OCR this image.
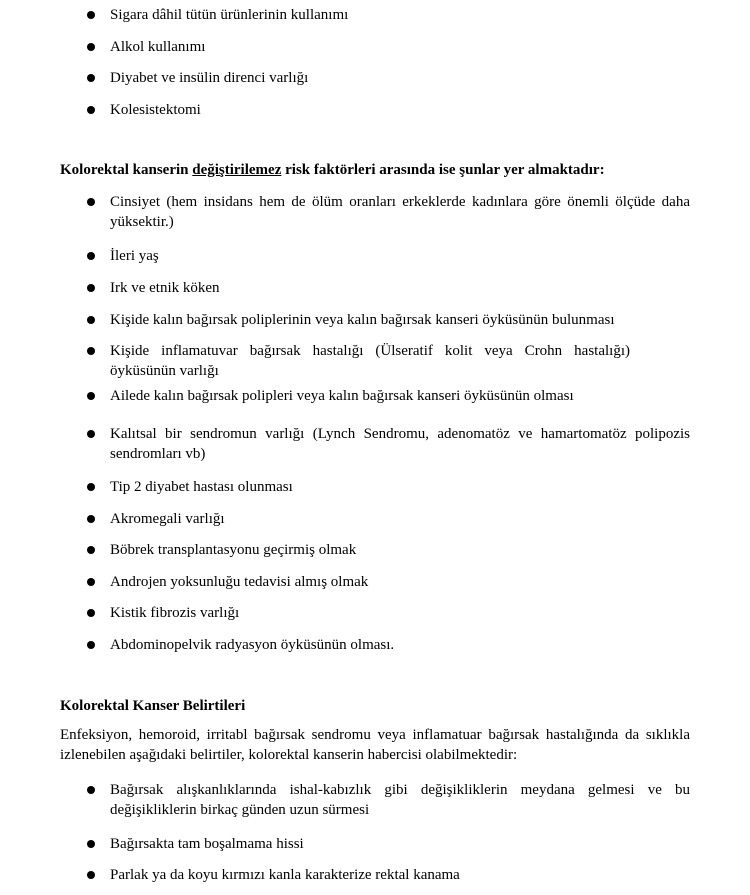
Sigara dâhil tütün ürünlerinin kullanımı
Alkol kullanımı
Diyabet ve insülin direnci varlığı
Kolesistektomi
Kolorektal kanserin değiştirilemez risk faktörleri arasında ise şunlar yer almaktadır:
Cinsiyet (hem insidans hem de ölüm oranları erkeklerde kadınlara göre önemli ölçüde daha yüksektir.)
İleri yaş
Irk ve etnik köken
Kişide kalın bağırsak poliplerinin veya kalın bağırsak kanseri öyküsünün bulunması
Kişide inflamatuvar bağırsak hastalığı (Ülseratif kolit veya Crohn hastalığı) öyküsünün varlığı
Ailede kalın bağırsak polipleri veya kalın bağırsak kanseri öyküsünün olması
Kalıtsal bir sendromun varlığı (Lynch Sendromu, adenomatöz ve hamartomatöz polipozis sendromları vb)
Tip 2 diyabet hastası olunması
Akromegali varlığı
Böbrek transplantasyonu geçirmiş olmak
Androjen yoksunluğu tedavisi almış olmak
Kistik fibrozis varlığı
Abdominopelvik radyasyon öyküsünün olması.
Kolorektal Kanser Belirtileri
Enfeksiyon, hemoroid, irritabl bağırsak sendromu veya inflamatuar bağırsak hastalığında da sıklıkla izlenebilen aşağıdaki belirtiler, kolorektal kanserin habercisi olabilmektedir:
Bağırsak alışkanlıklarında ishal-kabızlık gibi değişikliklerin meydana gelmesi ve bu değişikliklerin birkaç günden uzun sürmesi
Bağırsakta tam boşalmama hissi
Parlak ya da koyu kırmızı kanla karakterize rektal kanama
